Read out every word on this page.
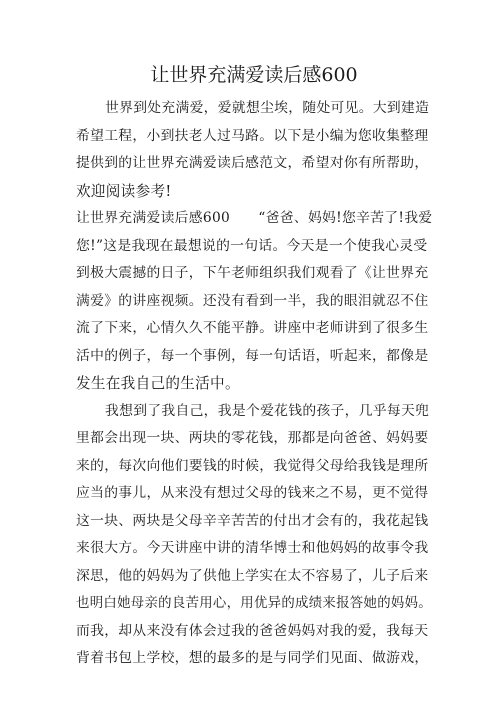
让世界充满爱读后感600
世界到处充满爱，爱就想尘埃，随处可见。大到建造
希望工程，小到扶老人过马路。以下是小编为您收集整理
提供到的让世界充满爱读后感范文，希望对你有所帮助，
欢迎阅读参考!
让世界充满爱读后感600　　“爸爸、妈妈!您辛苦了!我爱
您!”这是我现在最想说的一句话。今天是一个使我心灵受
到极大震撼的日子，下午老师组织我们观看了《让世界充
满爱》的讲座视频。还没有看到一半，我的眼泪就忍不住
流了下来，心情久久不能平静。讲座中老师讲到了很多生
活中的例子，每一个事例，每一句话语，听起来，都像是
发生在我自己的生活中。
我想到了我自己，我是个爱花钱的孩子，几乎每天兜
里都会出现一块、两块的零花钱，那都是向爸爸、妈妈要
来的，每次向他们要钱的时候，我觉得父母给我钱是理所
应当的事儿，从来没有想过父母的钱来之不易，更不觉得
这一块、两块是父母辛辛苦苦的付出才会有的，我花起钱
来很大方。今天讲座中讲的清华博士和他妈妈的故事令我
深思，他的妈妈为了供他上学实在太不容易了，儿子后来
也明白她母亲的良苦用心，用优异的成绩来报答她的妈妈。
而我，却从来没有体会过我的爸爸妈妈对我的爱，我每天
背着书包上学校，想的最多的是与同学们见面、做游戏，
